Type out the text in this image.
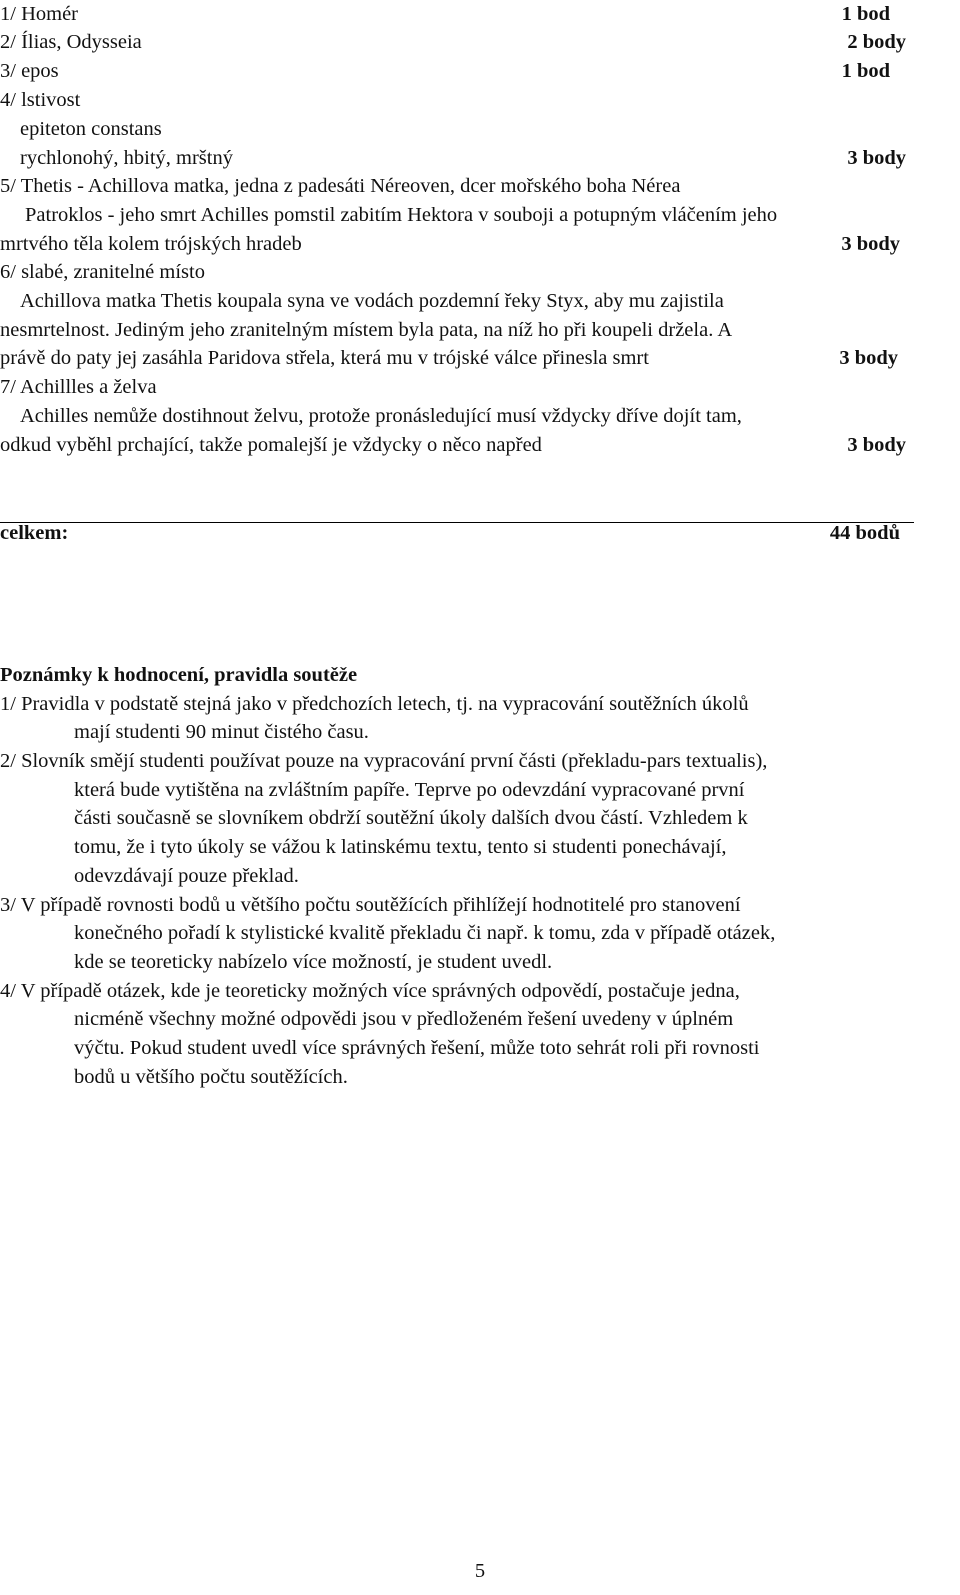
1/ Homér	1 bod
2/ Ílias, Odysseia	2 body
3/ epos	1 bod
4/ lstivost
epiteton constans
rychlonohý, hbitý, mrštný	3 body
5/ Thetis - Achillova matka, jedna z padesáti Néreoven, dcer mořského boha Nérea
Patroklos - jeho smrt Achilles pomstil zabitím Hektora v souboji a potupným vláčením jeho
mrtvého těla kolem trójských hradeb	3 body
6/ slabé, zranitelné místo
Achillova matka Thetis koupala syna ve vodách pozdemní řeky Styx, aby mu zajistila
nesmrtelnost. Jediným jeho zranitelným místem byla pata, na níž ho při koupeli držela. A
právě do paty jej zasáhla Paridova střela, která mu v trójské válce přinesla smrt	3 body
7/ Achillles a želva
Achilles nemůže dostihnout želvu, protože pronásledující musí vždycky dříve dojít tam,
odkud vyběhl prchající, takže pomalejší je vždycky o něco napřed	3 body
celkem:	44 bodů
Poznámky k hodnocení, pravidla soutěže
1/ Pravidla v podstatě stejná jako v předchozích letech, tj. na vypracování soutěžních úkolů
mají studenti 90 minut čistého času.
2/ Slovník smějí studenti používat pouze na vypracování první části (překladu-pars textualis),
která bude vytištěna na zvláštním papíře. Teprve po odevzdání vypracované první
části současně se slovníkem obdrží soutěžní úkoly dalších dvou částí. Vzhledem k
tomu, že i tyto úkoly se vážou k latinskému textu, tento si studenti ponechávají,
odevzdávají pouze překlad.
3/ V případě rovnosti bodů u většího počtu soutěžících přihlížejí hodnotitelé pro stanovení
konečného pořadí k stylistické kvalitě překladu či např. k tomu, zda v případě otázek,
kde se teoreticky nabízelo více možností, je student uvedl.
4/ V případě otázek, kde je teoreticky možných více správných odpovědí, postačuje jedna,
nicméně všechny možné odpovědi jsou v předloženém řešení uvedeny v úplném
výčtu. Pokud student uvedl více správných řešení, může toto sehrát roli při rovnosti
bodů u většího počtu soutěžících.
5
